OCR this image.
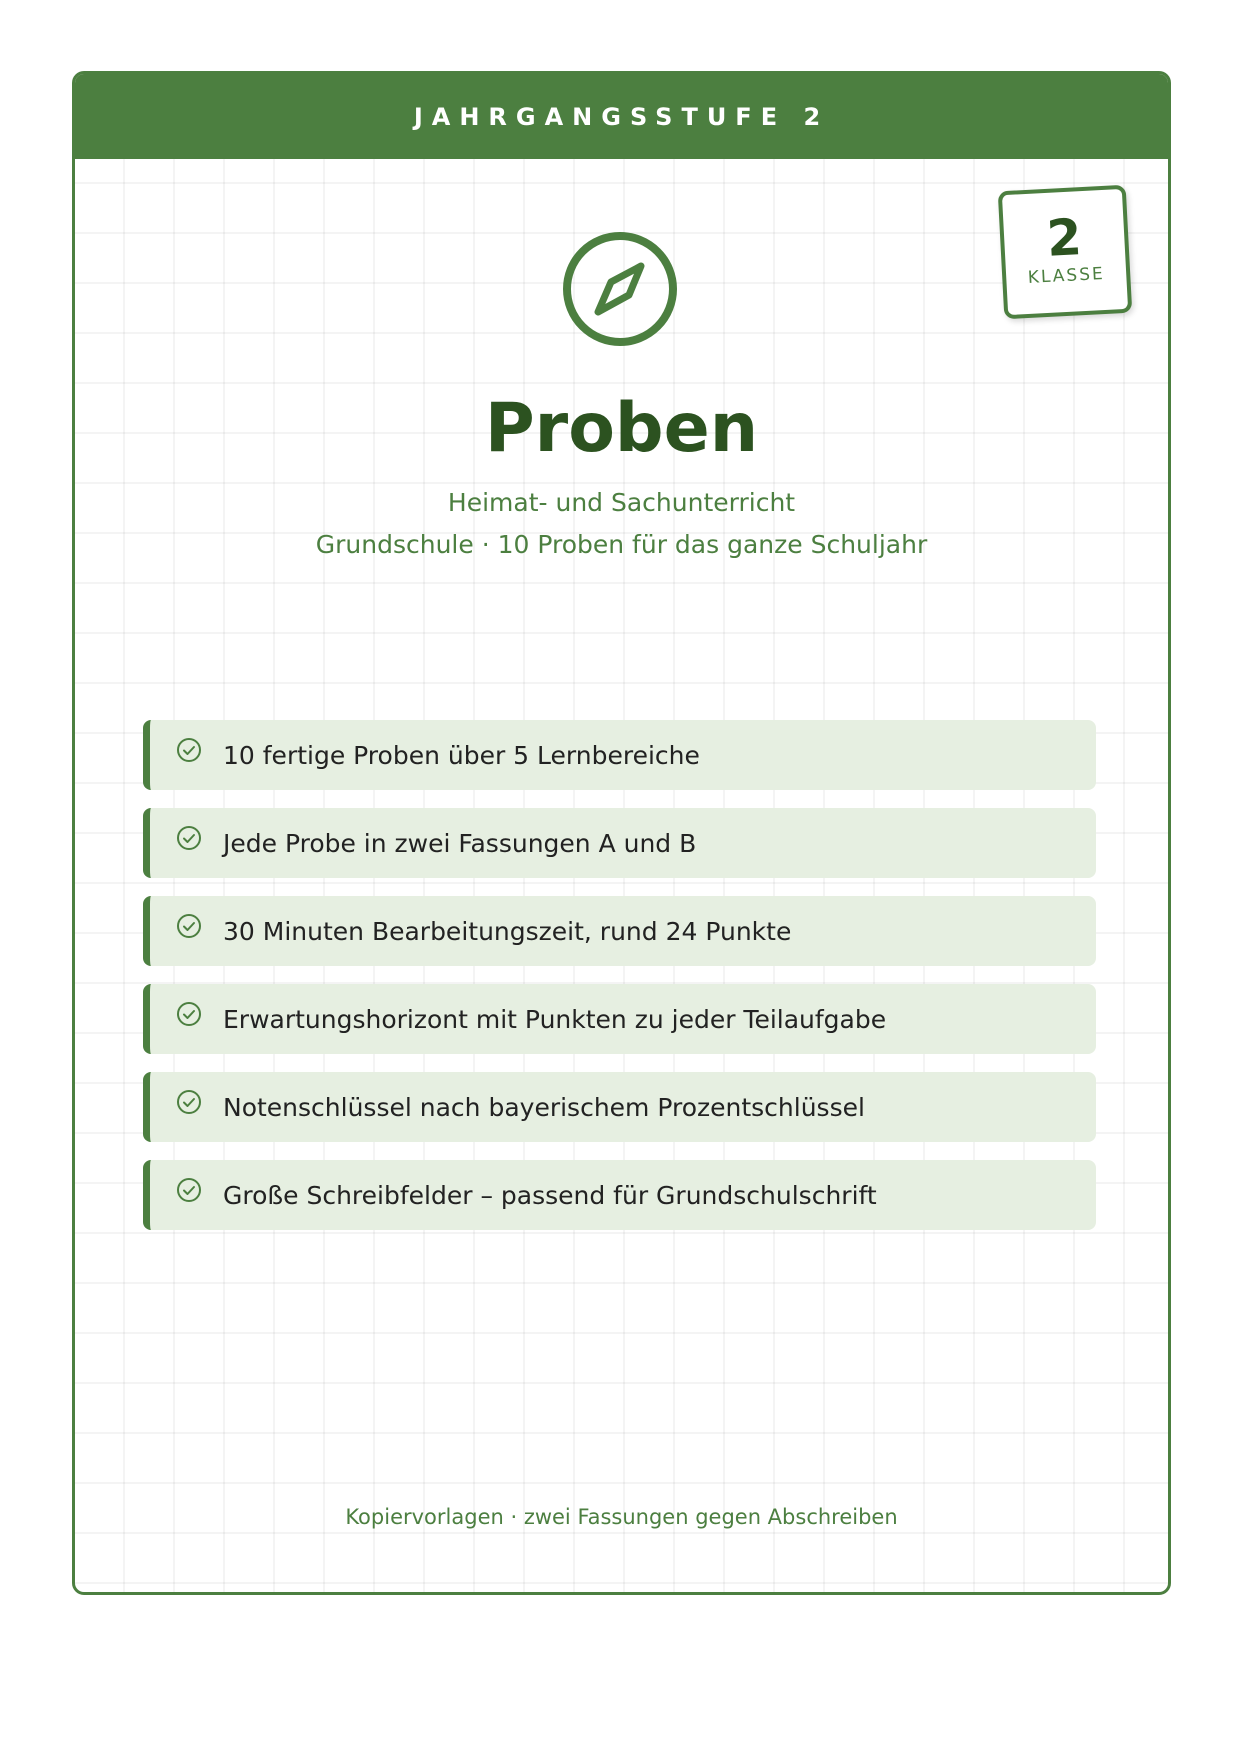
JAHRGANGSSTUFE 2
2
KLASSE
Proben
Heimat- und Sachunterricht
Grundschule · 10 Proben für das ganze Schuljahr
10 fertige Proben über 5 Lernbereiche
Jede Probe in zwei Fassungen A und B
30 Minuten Bearbeitungszeit, rund 24 Punkte
Erwartungshorizont mit Punkten zu jeder Teilaufgabe
Notenschlüssel nach bayerischem Prozentschlüssel
Große Schreibfelder – passend für Grundschulschrift
Kopiervorlagen · zwei Fassungen gegen Abschreiben
